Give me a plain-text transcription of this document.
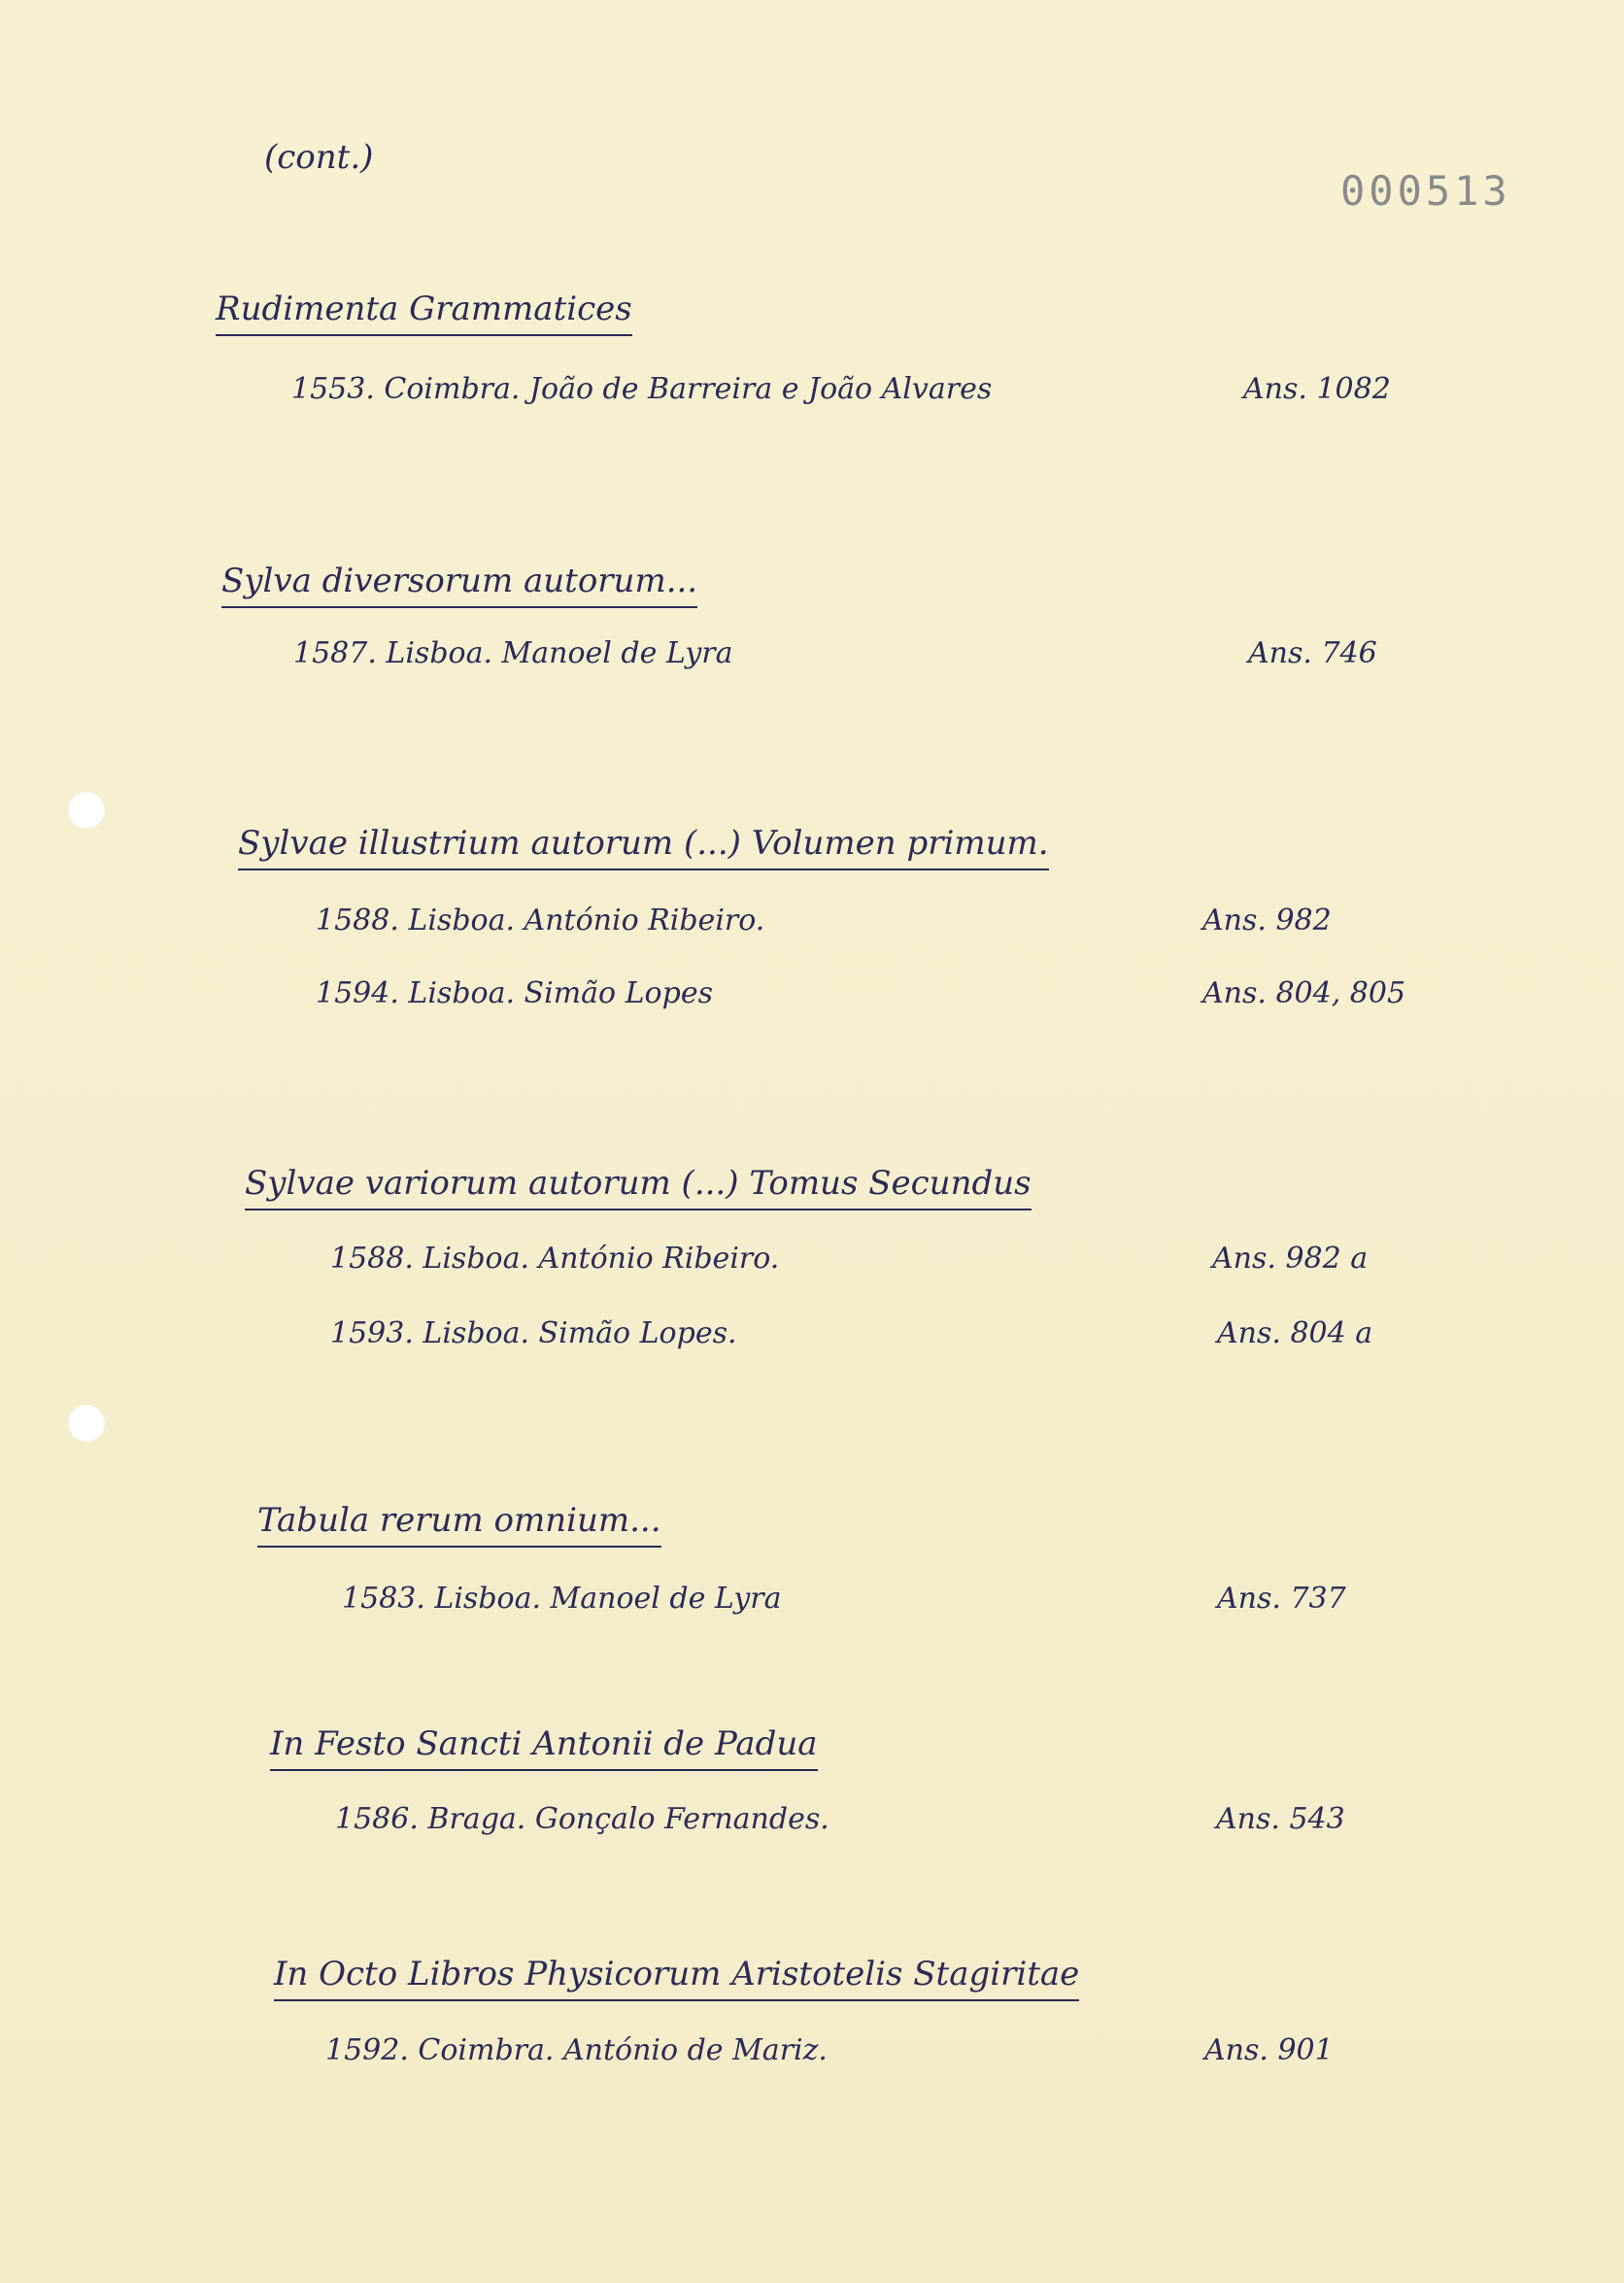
(cont.)
000513
Rudimenta Grammatices
1553. Coimbra. João de Barreira e João Alvares	Ans. 1082
Sylva diversorum autorum...
1587. Lisboa. Manoel de Lyra	Ans. 746
Sylvae illustrium autorum (...) Volumen primum.
1588. Lisboa. António Ribeiro.	Ans. 982
1594. Lisboa. Simão Lopes	Ans. 804, 805
Sylvae variorum autorum (...) Tomus Secundus
1588. Lisboa. António Ribeiro.	Ans. 982 a
1593. Lisboa. Simão Lopes.	Ans. 804 a
Tabula rerum omnium...
1583. Lisboa. Manoel de Lyra	Ans. 737
In Festo Sancti Antonii de Padua
1586. Braga. Gonçalo Fernandes.	Ans. 543
In Octo Libros Physicorum Aristotelis Stagiritae
1592. Coimbra. António de Mariz.	Ans. 901
